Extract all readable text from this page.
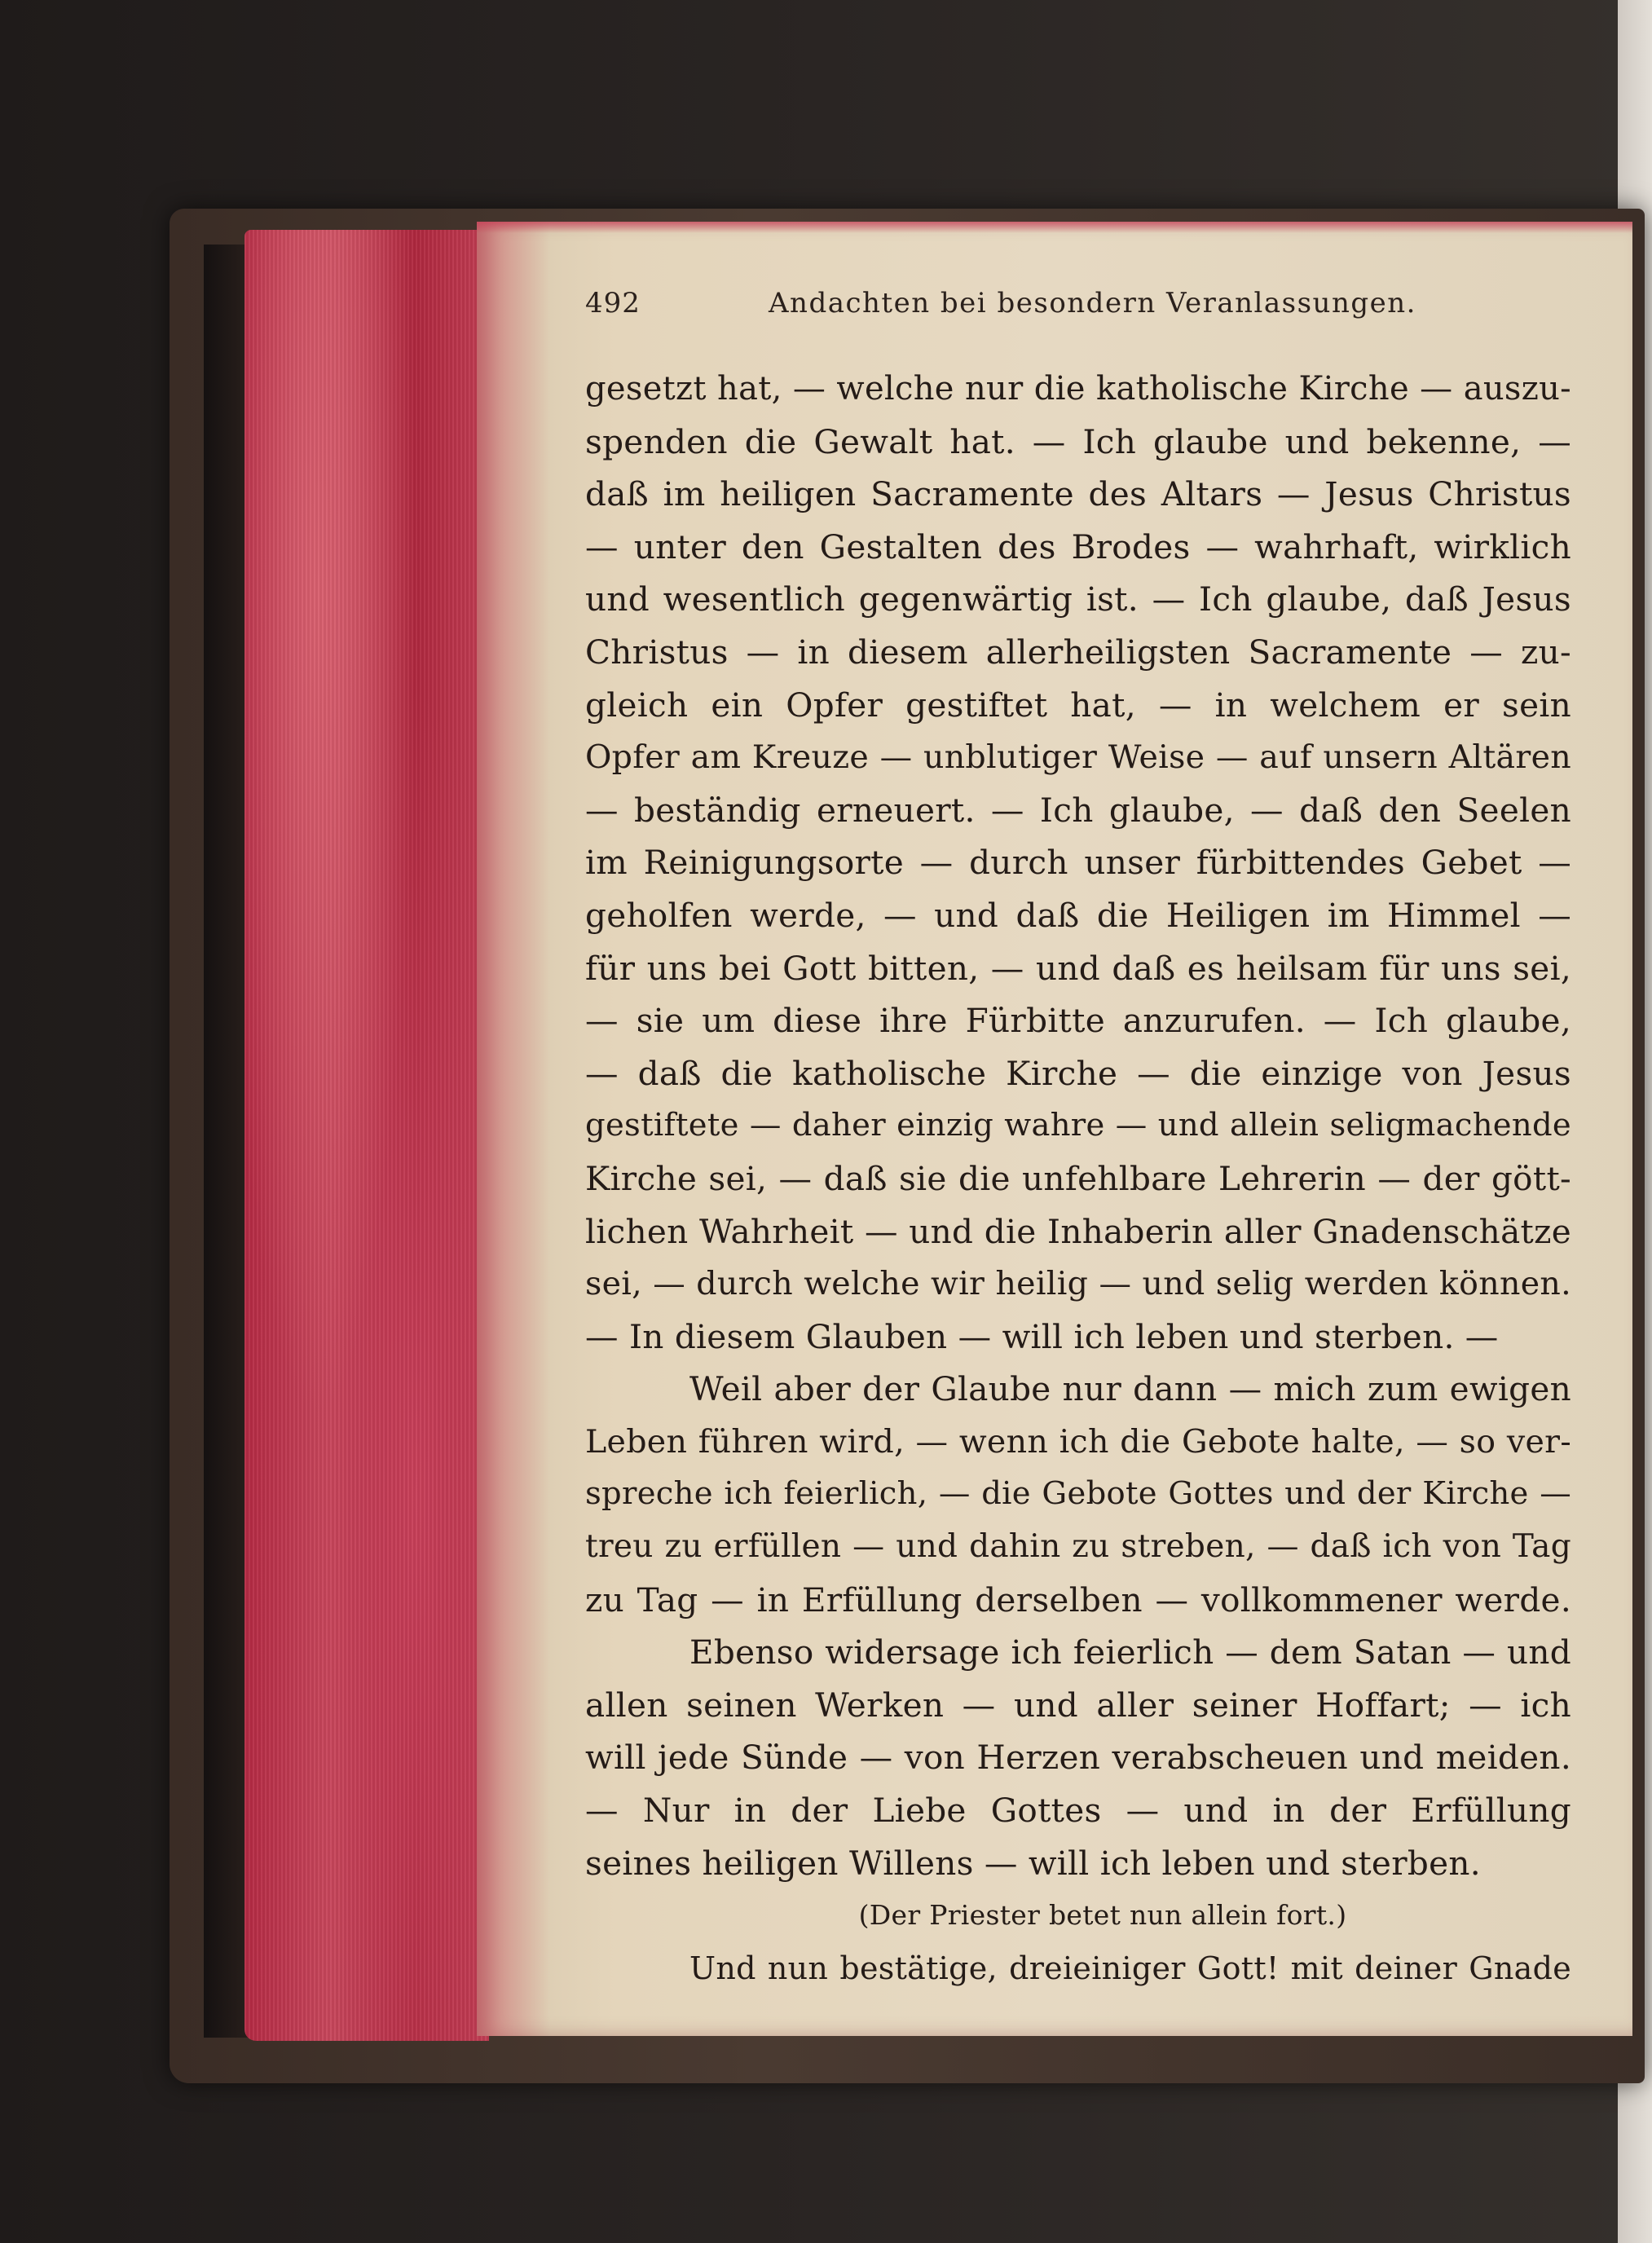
492	Andachten bei besondern Veranlassungen.
gesetzt hat, — welche nur die katholische Kirche — auszu-
spenden die Gewalt hat. — Ich glaube und bekenne, —
daß im heiligen Sacramente des Altars — Jesus Christus
— unter den Gestalten des Brodes — wahrhaft, wirklich
und wesentlich gegenwärtig ist. — Ich glaube, daß Jesus
Christus — in diesem allerheiligsten Sacramente — zu-
gleich ein Opfer gestiftet hat, — in welchem er sein
Opfer am Kreuze — unblutiger Weise — auf unsern Altären
— beständig erneuert. — Ich glaube, — daß den Seelen
im Reinigungsorte — durch unser fürbittendes Gebet —
geholfen werde, — und daß die Heiligen im Himmel —
für uns bei Gott bitten, — und daß es heilsam für uns sei,
— sie um diese ihre Fürbitte anzurufen. — Ich glaube,
— daß die katholische Kirche — die einzige von Jesus
gestiftete — daher einzig wahre — und allein seligmachende
Kirche sei, — daß sie die unfehlbare Lehrerin — der gött-
lichen Wahrheit — und die Inhaberin aller Gnadenschätze
sei, — durch welche wir heilig — und selig werden können.
— In diesem Glauben — will ich leben und sterben. —
Weil aber der Glaube nur dann — mich zum ewigen
Leben führen wird, — wenn ich die Gebote halte, — so ver-
spreche ich feierlich, — die Gebote Gottes und der Kirche —
treu zu erfüllen — und dahin zu streben, — daß ich von Tag
zu Tag — in Erfüllung derselben — vollkommener werde.
Ebenso widersage ich feierlich — dem Satan — und
allen seinen Werken — und aller seiner Hoffart; — ich
will jede Sünde — von Herzen verabscheuen und meiden.
— Nur in der Liebe Gottes — und in der Erfüllung
seines heiligen Willens — will ich leben und sterben.
(Der Priester betet nun allein fort.)
Und nun bestätige, dreieiniger Gott! mit deiner Gnade
